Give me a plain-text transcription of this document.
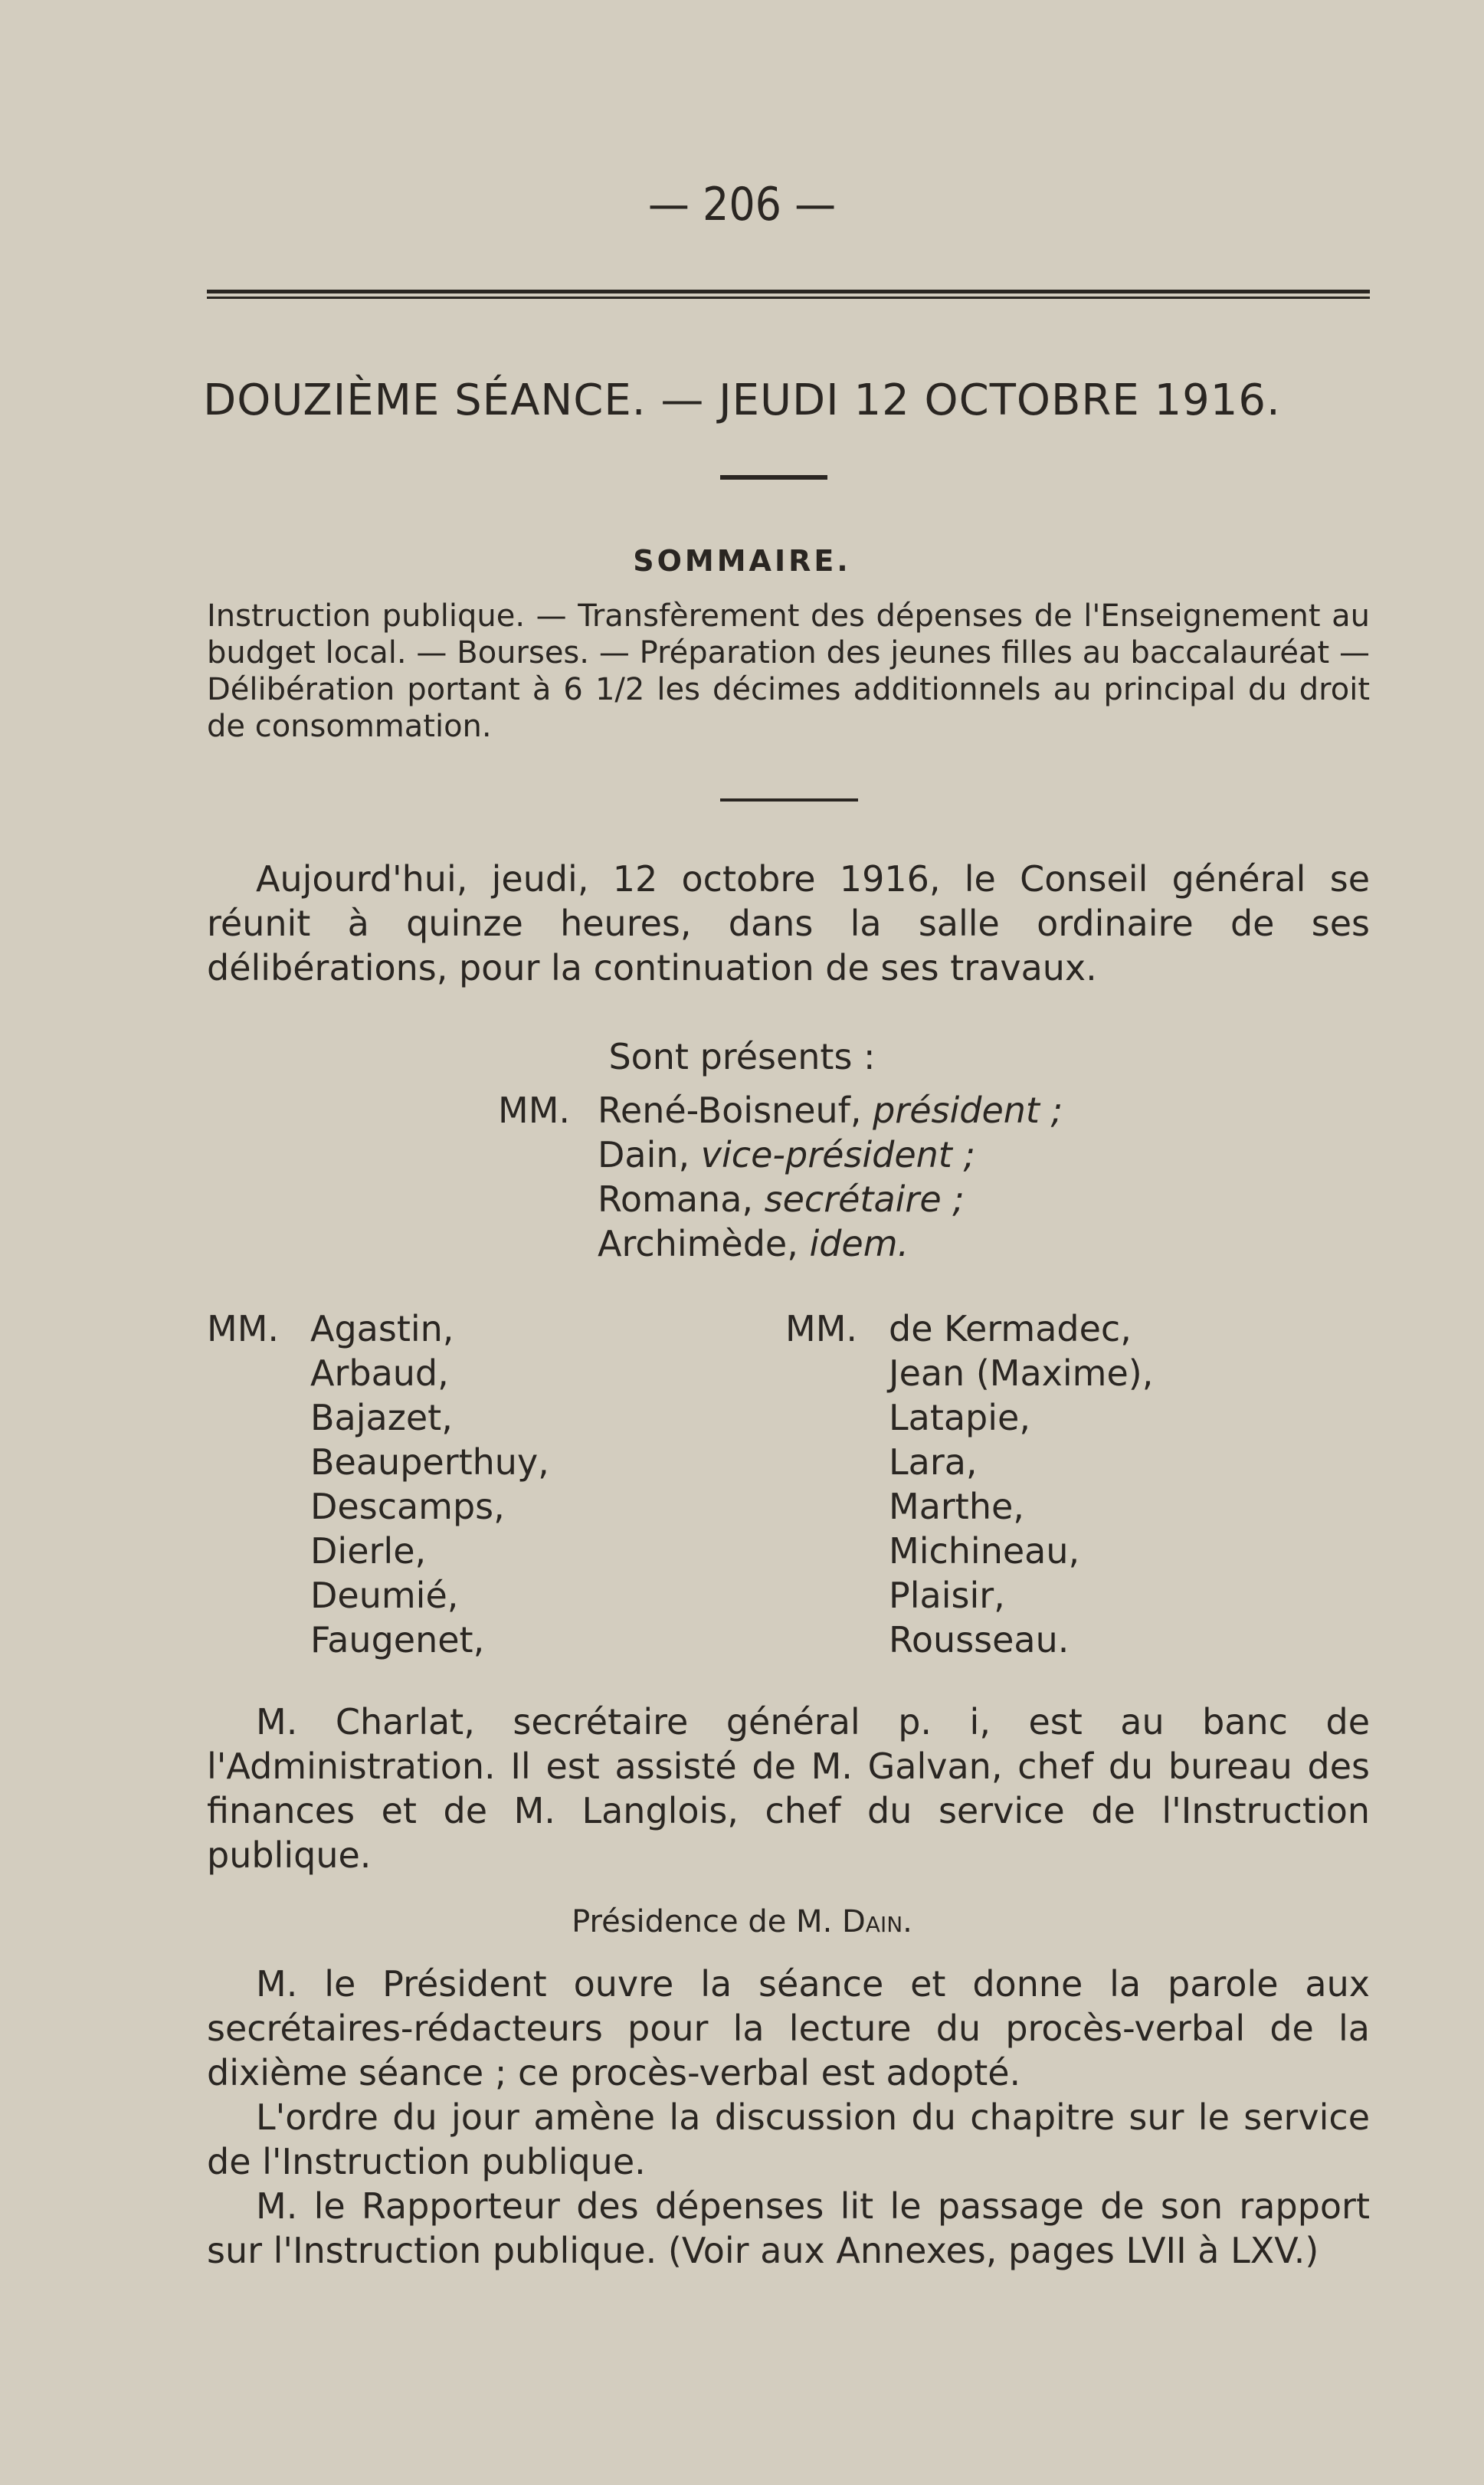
— 206 —
DOUZIÈME SÉANCE. — JEUDI 12 OCTOBRE 1916.
SOMMAIRE.
Instruction publique. — Transfèrement des dépenses de l'Enseignement au budget local. — Bourses. — Préparation des jeunes filles au baccalauréat — Délibération portant à 6 1/2 les décimes additionnels au principal du droit de consommation.

Aujourd'hui, jeudi, 12 octobre 1916, le Conseil général se réunit à quinze heures, dans la salle ordinaire de ses délibérations, pour la continuation de ses travaux.

Sont présents :
MM. René-Boisneuf, président ;
Dain, vice-président ;
Romana, secrétaire ;
Archimède, idem.
MM. Agastin,
Arbaud,
Bajazet,
Beauperthuy,
Descamps,
Dierle,
Deumié,
Faugenet,
MM. de Kermadec,
Jean (Maxime),
Latapie,
Lara,
Marthe,
Michineau,
Plaisir,
Rousseau.

M. Charlat, secrétaire général p. i, est au banc de l'Administration. Il est assisté de M. Galvan, chef du bureau des finances et de M. Langlois, chef du service de l'Instruction publique.

Présidence de M. Dain.

M. le Président ouvre la séance et donne la parole aux secrétaires-rédacteurs pour la lecture du procès-verbal de la dixième séance ; ce procès-verbal est adopté.

L'ordre du jour amène la discussion du chapitre sur le service de l'Instruction publique.

M. le Rapporteur des dépenses lit le passage de son rapport sur l'Instruction publique. (Voir aux Annexes, pages LVII à LXV.)
